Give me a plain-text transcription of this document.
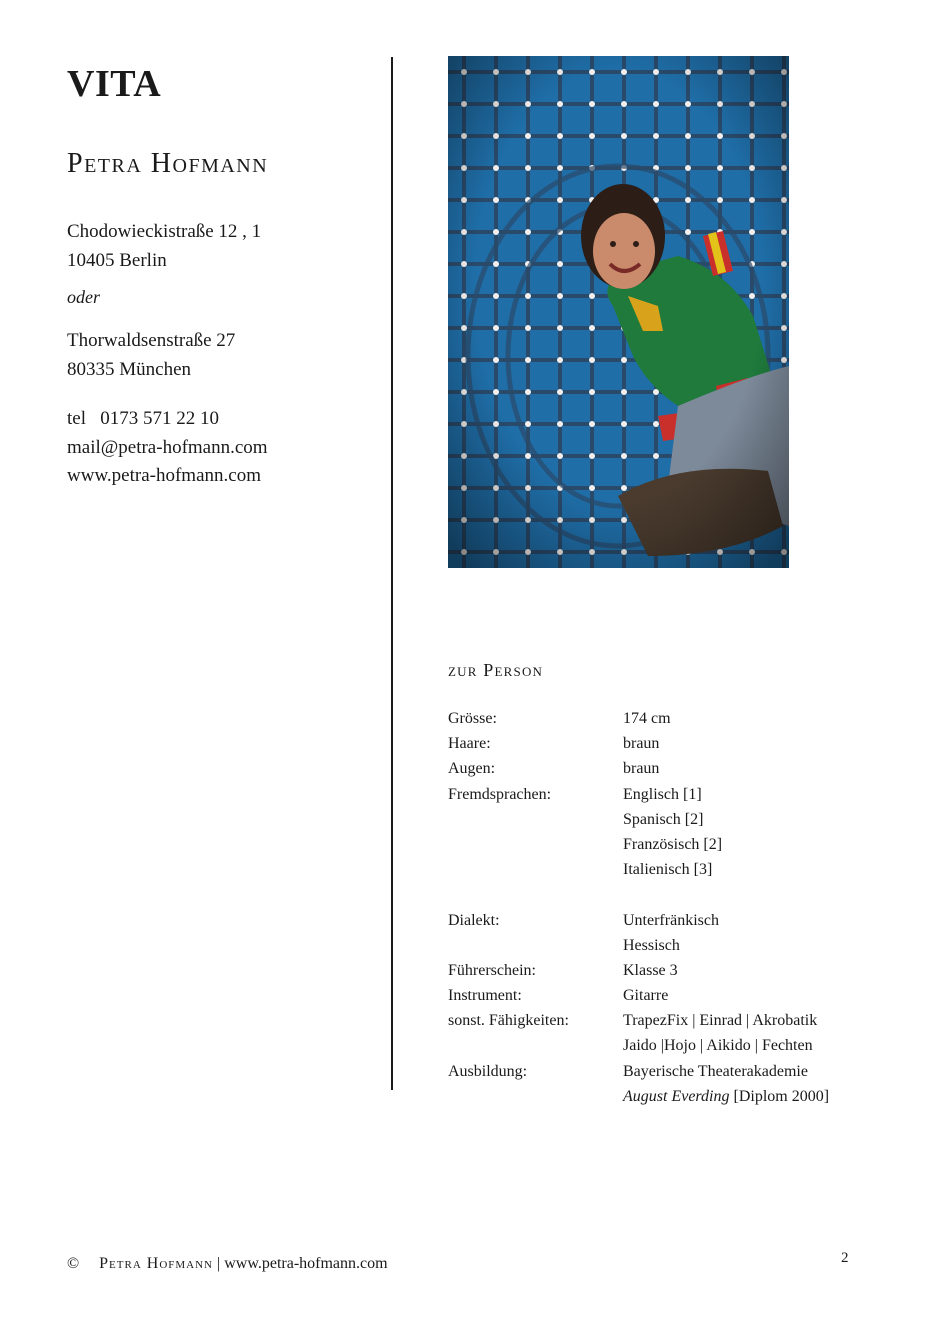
VITA
Petra Hofmann
Chodowieckistraße 12 , 1
10405 Berlin
oder
Thorwaldsenstraße 27
80335 München
tel 0173 571 22 10
mail@petra-hofmann.com
www.petra-hofmann.com
zur Person
Grösse:	174 cm
Haare:	braun
Augen:	braun
Fremdsprachen:	Englisch [1]
Spanisch [2]
Französisch [2]
Italienisch [3]
Dialekt:	Unterfränkisch
Hessisch
Führerschein:	Klasse 3
Instrument:	Gitarre
sonst. Fähigkeiten:	TrapezFix | Einrad | Akrobatik
Jaido |Hojo | Aikido | Fechten
Ausbildung:	Bayerische Theaterakademie
August Everding [Diplom 2000]
© Petra Hofmann | www.petra-hofmann.com	2
